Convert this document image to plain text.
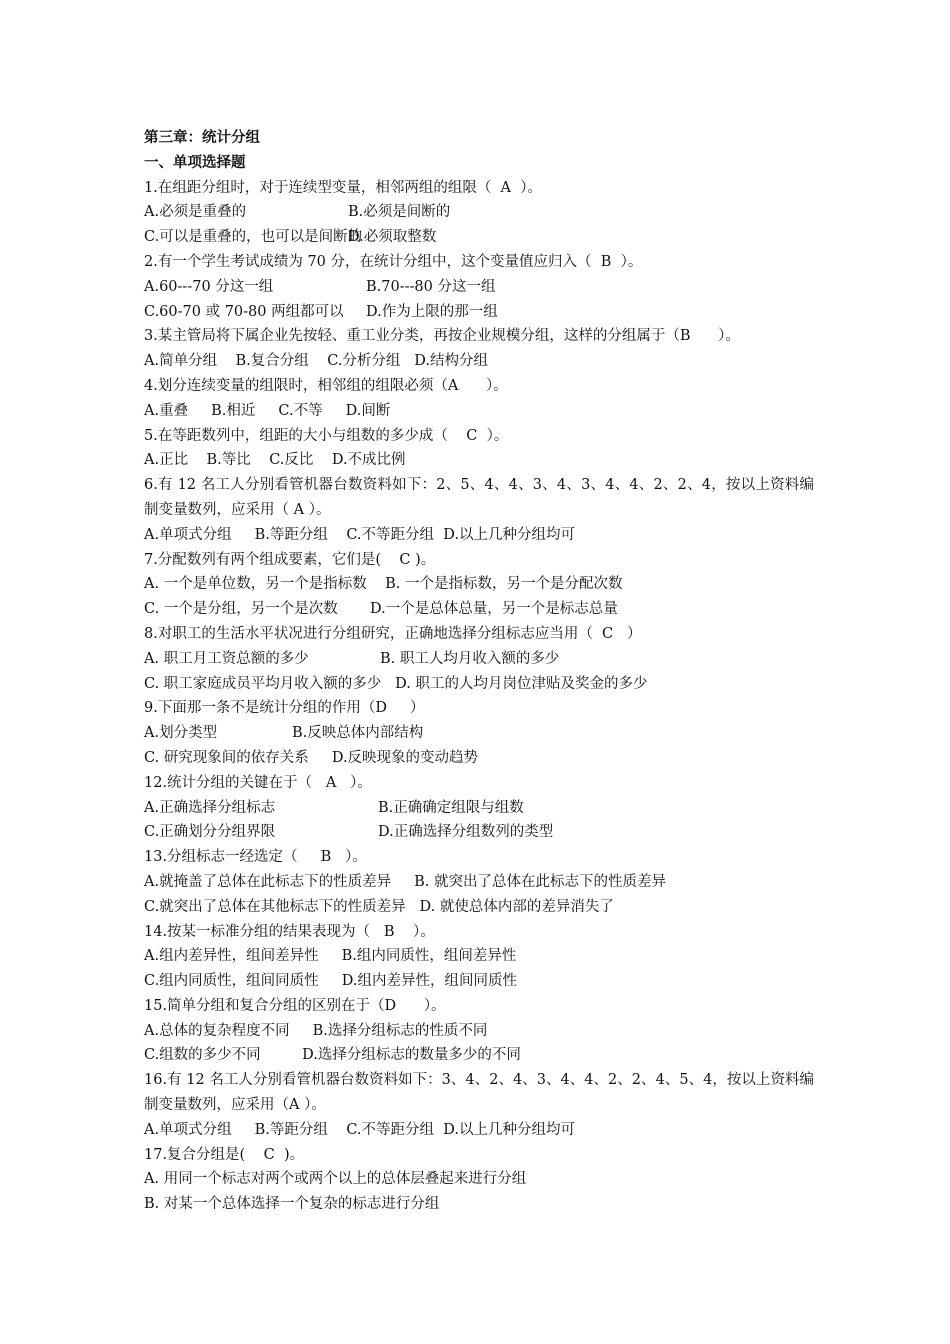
第三章：统计分组
一、单项选择题
1.在组距分组时，对于连续型变量，相邻两组的组限（  A  ）。
A.必须是重叠的	B.必须是间断的
C.可以是重叠的，也可以是间断的
D.必须取整数
2.有一个学生考试成绩为 70 分，在统计分组中，这个变量值应归入（  B  ）。
A.60---70 分这一组	B.70---80 分这一组
C.60-70 或 70-80 两组都可以	D.作为上限的那一组
3.某主管局将下属企业先按轻、重工业分类，再按企业规模分组，这样的分组属于（B      ）。
A.简单分组    B.复合分组    C.分析分组   D.结构分组
4.划分连续变量的组限时，相邻组的组限必须（A      ）。
A.重叠     B.相近     C.不等     D.间断
5.在等距数列中，组距的大小与组数的多少成（    C  ）。
A.正比    B.等比    C.反比    D.不成比例
6.有 12 名工人分别看管机器台数资料如下：2、5、4、4、3、4、3、4、4、2、2、4，按以上资料编制变量数列，应采用（ A ）。
A.单项式分组     B.等距分组    C.不等距分组  D.以上几种分组均可
7.分配数列有两个组成要素，它们是(    C )。
A. 一个是单位数，另一个是指标数    B. 一个是指标数，另一个是分配次数
C. 一个是分组，另一个是次数       D.一个是总体总量，另一个是标志总量
8.对职工的生活水平状况进行分组研究，正确地选择分组标志应当用（  C   ）
A. 职工月工资总额的多少	B. 职工人均月收入额的多少
C. 职工家庭成员平均月收入额的多少   D. 职工的人均月岗位津贴及奖金的多少
9.下面那一条不是统计分组的作用（D     ）
A.划分类型	B.反映总体内部结构
C. 研究现象间的依存关系     D.反映现象的变动趋势
12.统计分组的关键在于（   A   ）。
A.正确选择分组标志	B.正确确定组限与组数
C.正确划分分组界限	D.正确选择分组数列的类型
13.分组标志一经选定（     B   ）。
A.就掩盖了总体在此标志下的性质差异     B. 就突出了总体在此标志下的性质差异
C.就突出了总体在其他标志下的性质差异   D. 就使总体内部的差异消失了
14.按某一标准分组的结果表现为（   B    ）。
A.组内差异性，组间差异性     B.组内同质性，组间差异性
C.组内同质性，组间同质性     D.组内差异性，组间同质性
15.简单分组和复合分组的区别在于（D      ）。
A.总体的复杂程度不同     B.选择分组标志的性质不同
C.组数的多少不同         D.选择分组标志的数量多少的不同
16.有 12 名工人分别看管机器台数资料如下：3、4、2、4、3、4、4、2、2、4、5、4，按以上资料编制变量数列，应采用（A ）。
A.单项式分组     B.等距分组    C.不等距分组  D.以上几种分组均可
17.复合分组是(    C  )。
A. 用同一个标志对两个或两个以上的总体层叠起来进行分组
B. 对某一个总体选择一个复杂的标志进行分组
